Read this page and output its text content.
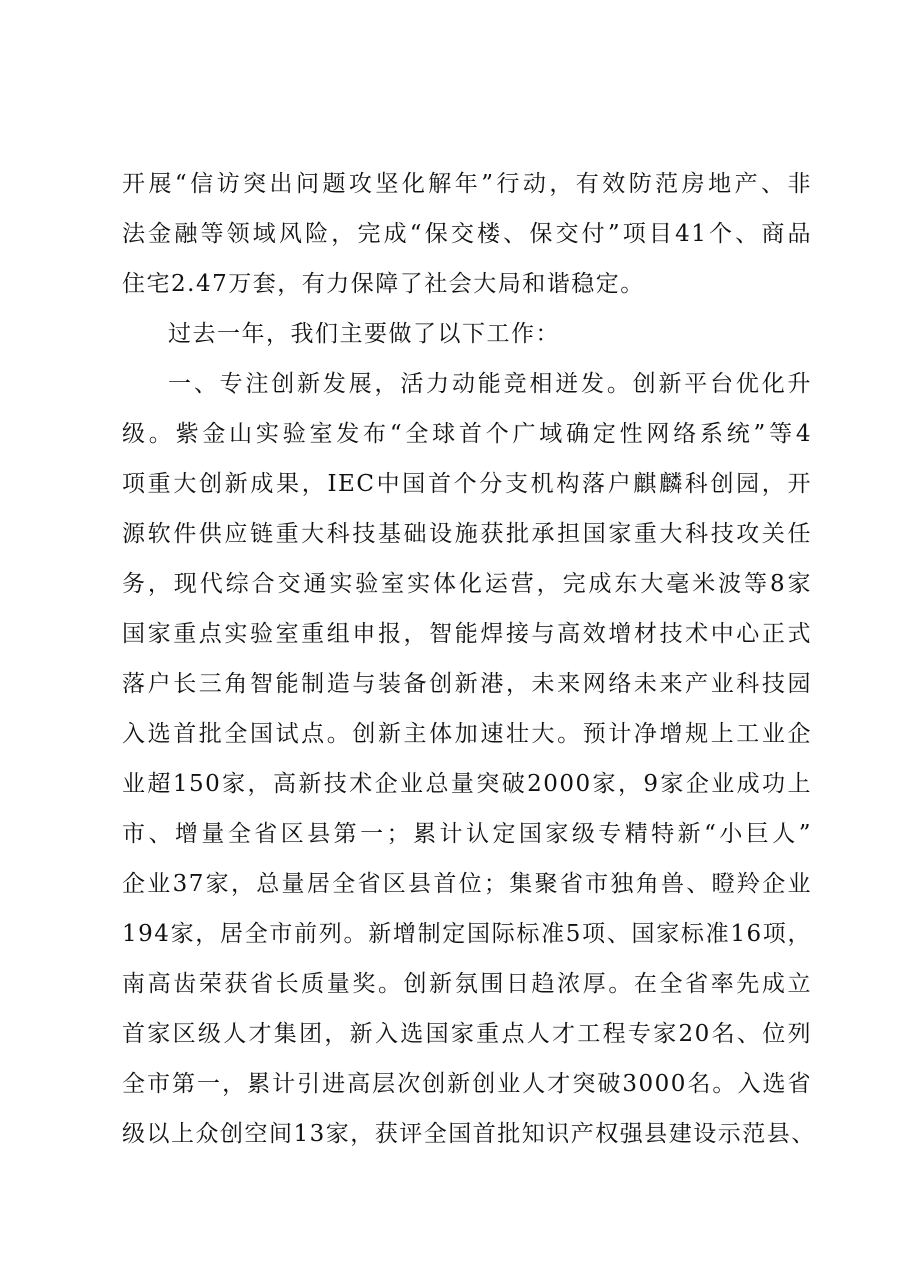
开展“信访突出问题攻坚化解年”行动，有效防范房地产、非
法金融等领域风险，完成“保交楼、保交付”项目41个、商品
住宅2.47万套，有力保障了社会大局和谐稳定。
过去一年，我们主要做了以下工作：
一、专注创新发展，活力动能竞相迸发。创新平台优化升
级。紫金山实验室发布“全球首个广域确定性网络系统”等4
项重大创新成果，IEC中国首个分支机构落户麒麟科创园，开
源软件供应链重大科技基础设施获批承担国家重大科技攻关任
务，现代综合交通实验室实体化运营，完成东大毫米波等8家
国家重点实验室重组申报，智能焊接与高效增材技术中心正式
落户长三角智能制造与装备创新港，未来网络未来产业科技园
入选首批全国试点。创新主体加速壮大。预计净增规上工业企
业超150家，高新技术企业总量突破2000家，9家企业成功上
市、增量全省区县第一；累计认定国家级专精特新“小巨人”
企业37家，总量居全省区县首位；集聚省市独角兽、瞪羚企业
194家，居全市前列。新增制定国际标准5项、国家标准16项，
南高齿荣获省长质量奖。创新氛围日趋浓厚。在全省率先成立
首家区级人才集团，新入选国家重点人才工程专家20名、位列
全市第一，累计引进高层次创新创业人才突破3000名。入选省
级以上众创空间13家，获评全国首批知识产权强县建设示范县、
